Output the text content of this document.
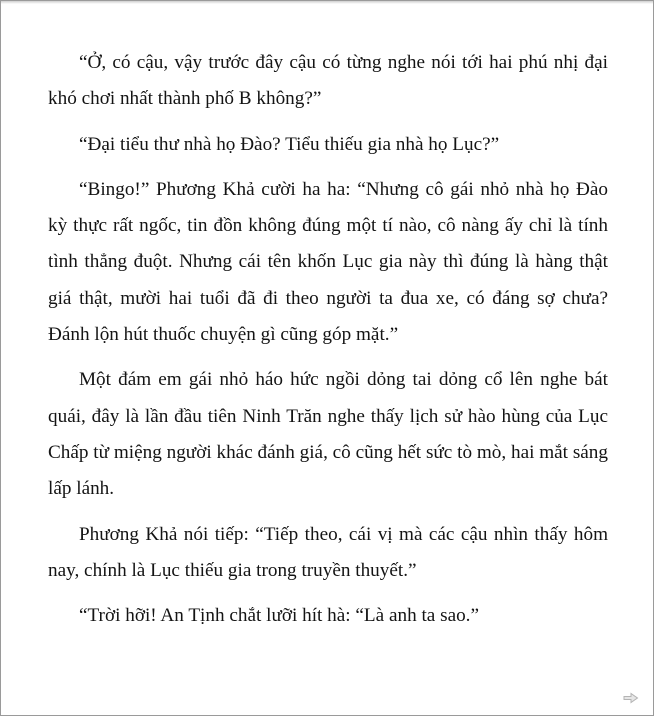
“Ở, có cậu, vậy trước đây cậu có từng nghe nói tới hai phú nhị đại khó chơi nhất thành phố B không?”

“Đại tiểu thư nhà họ Đào? Tiểu thiếu gia nhà họ Lục?”

“Bingo!” Phương Khả cười ha ha: “Nhưng cô gái nhỏ nhà họ Đào kỳ thực rất ngốc, tin đồn không đúng một tí nào, cô nàng ấy chỉ là tính tình thẳng đuột. Nhưng cái tên khốn Lục gia này thì đúng là hàng thật giá thật, mười hai tuổi đã đi theo người ta đua xe, có đáng sợ chưa? Đánh lộn hút thuốc chuyện gì cũng góp mặt.”

Một đám em gái nhỏ háo hức ngồi dỏng tai dỏng cổ lên nghe bát quái, đây là lần đầu tiên Ninh Trăn nghe thấy lịch sử hào hùng của Lục Chấp từ miệng người khác đánh giá, cô cũng hết sức tò mò, hai mắt sáng lấp lánh.

Phương Khả nói tiếp: “Tiếp theo, cái vị mà các cậu nhìn thấy hôm nay, chính là Lục thiếu gia trong truyền thuyết.”

“Trời hỡi! An Tịnh chắt lưỡi hít hà: “Là anh ta sao.”
